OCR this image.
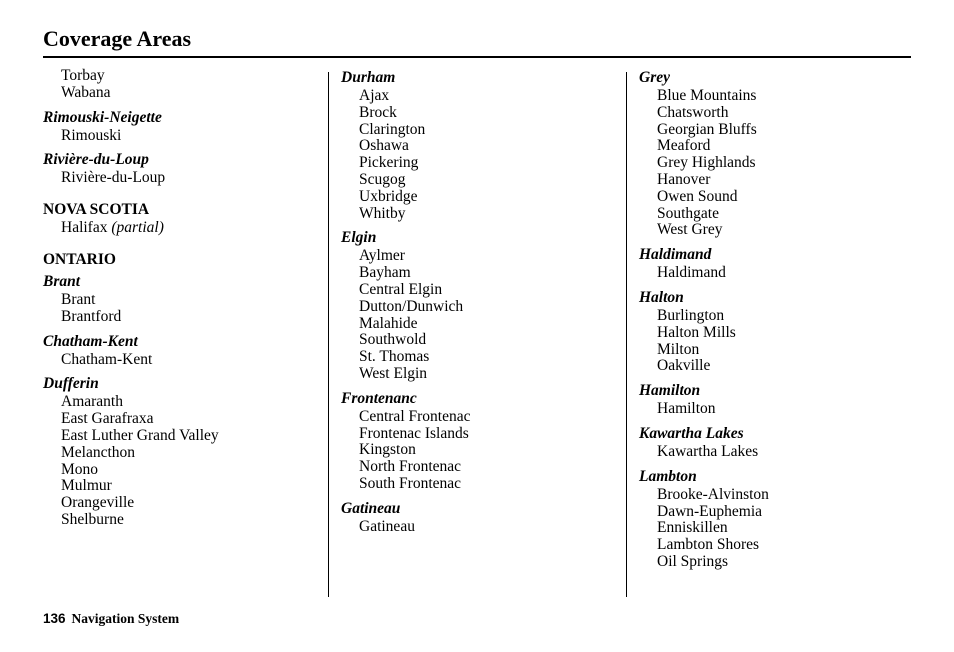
Coverage Areas
Torbay
Wabana
Rimouski-Neigette
Rimouski
Rivière-du-Loup
Rivière-du-Loup
NOVA SCOTIA
Halifax (partial)
ONTARIO
Brant
Brant
Brantford
Chatham-Kent
Chatham-Kent
Dufferin
Amaranth
East Garafraxa
East Luther Grand Valley
Melancthon
Mono
Mulmur
Orangeville
Shelburne
Durham
Ajax
Brock
Clarington
Oshawa
Pickering
Scugog
Uxbridge
Whitby
Elgin
Aylmer
Bayham
Central Elgin
Dutton/Dunwich
Malahide
Southwold
St. Thomas
West Elgin
Frontenanc
Central Frontenac
Frontenac Islands
Kingston
North Frontenac
South Frontenac
Gatineau
Gatineau
Grey
Blue Mountains
Chatsworth
Georgian Bluffs
Meaford
Grey Highlands
Hanover
Owen Sound
Southgate
West Grey
Haldimand
Haldimand
Halton
Burlington
Halton Mills
Milton
Oakville
Hamilton
Hamilton
Kawartha Lakes
Kawartha Lakes
Lambton
Brooke-Alvinston
Dawn-Euphemia
Enniskillen
Lambton Shores
Oil Springs
136 Navigation System
